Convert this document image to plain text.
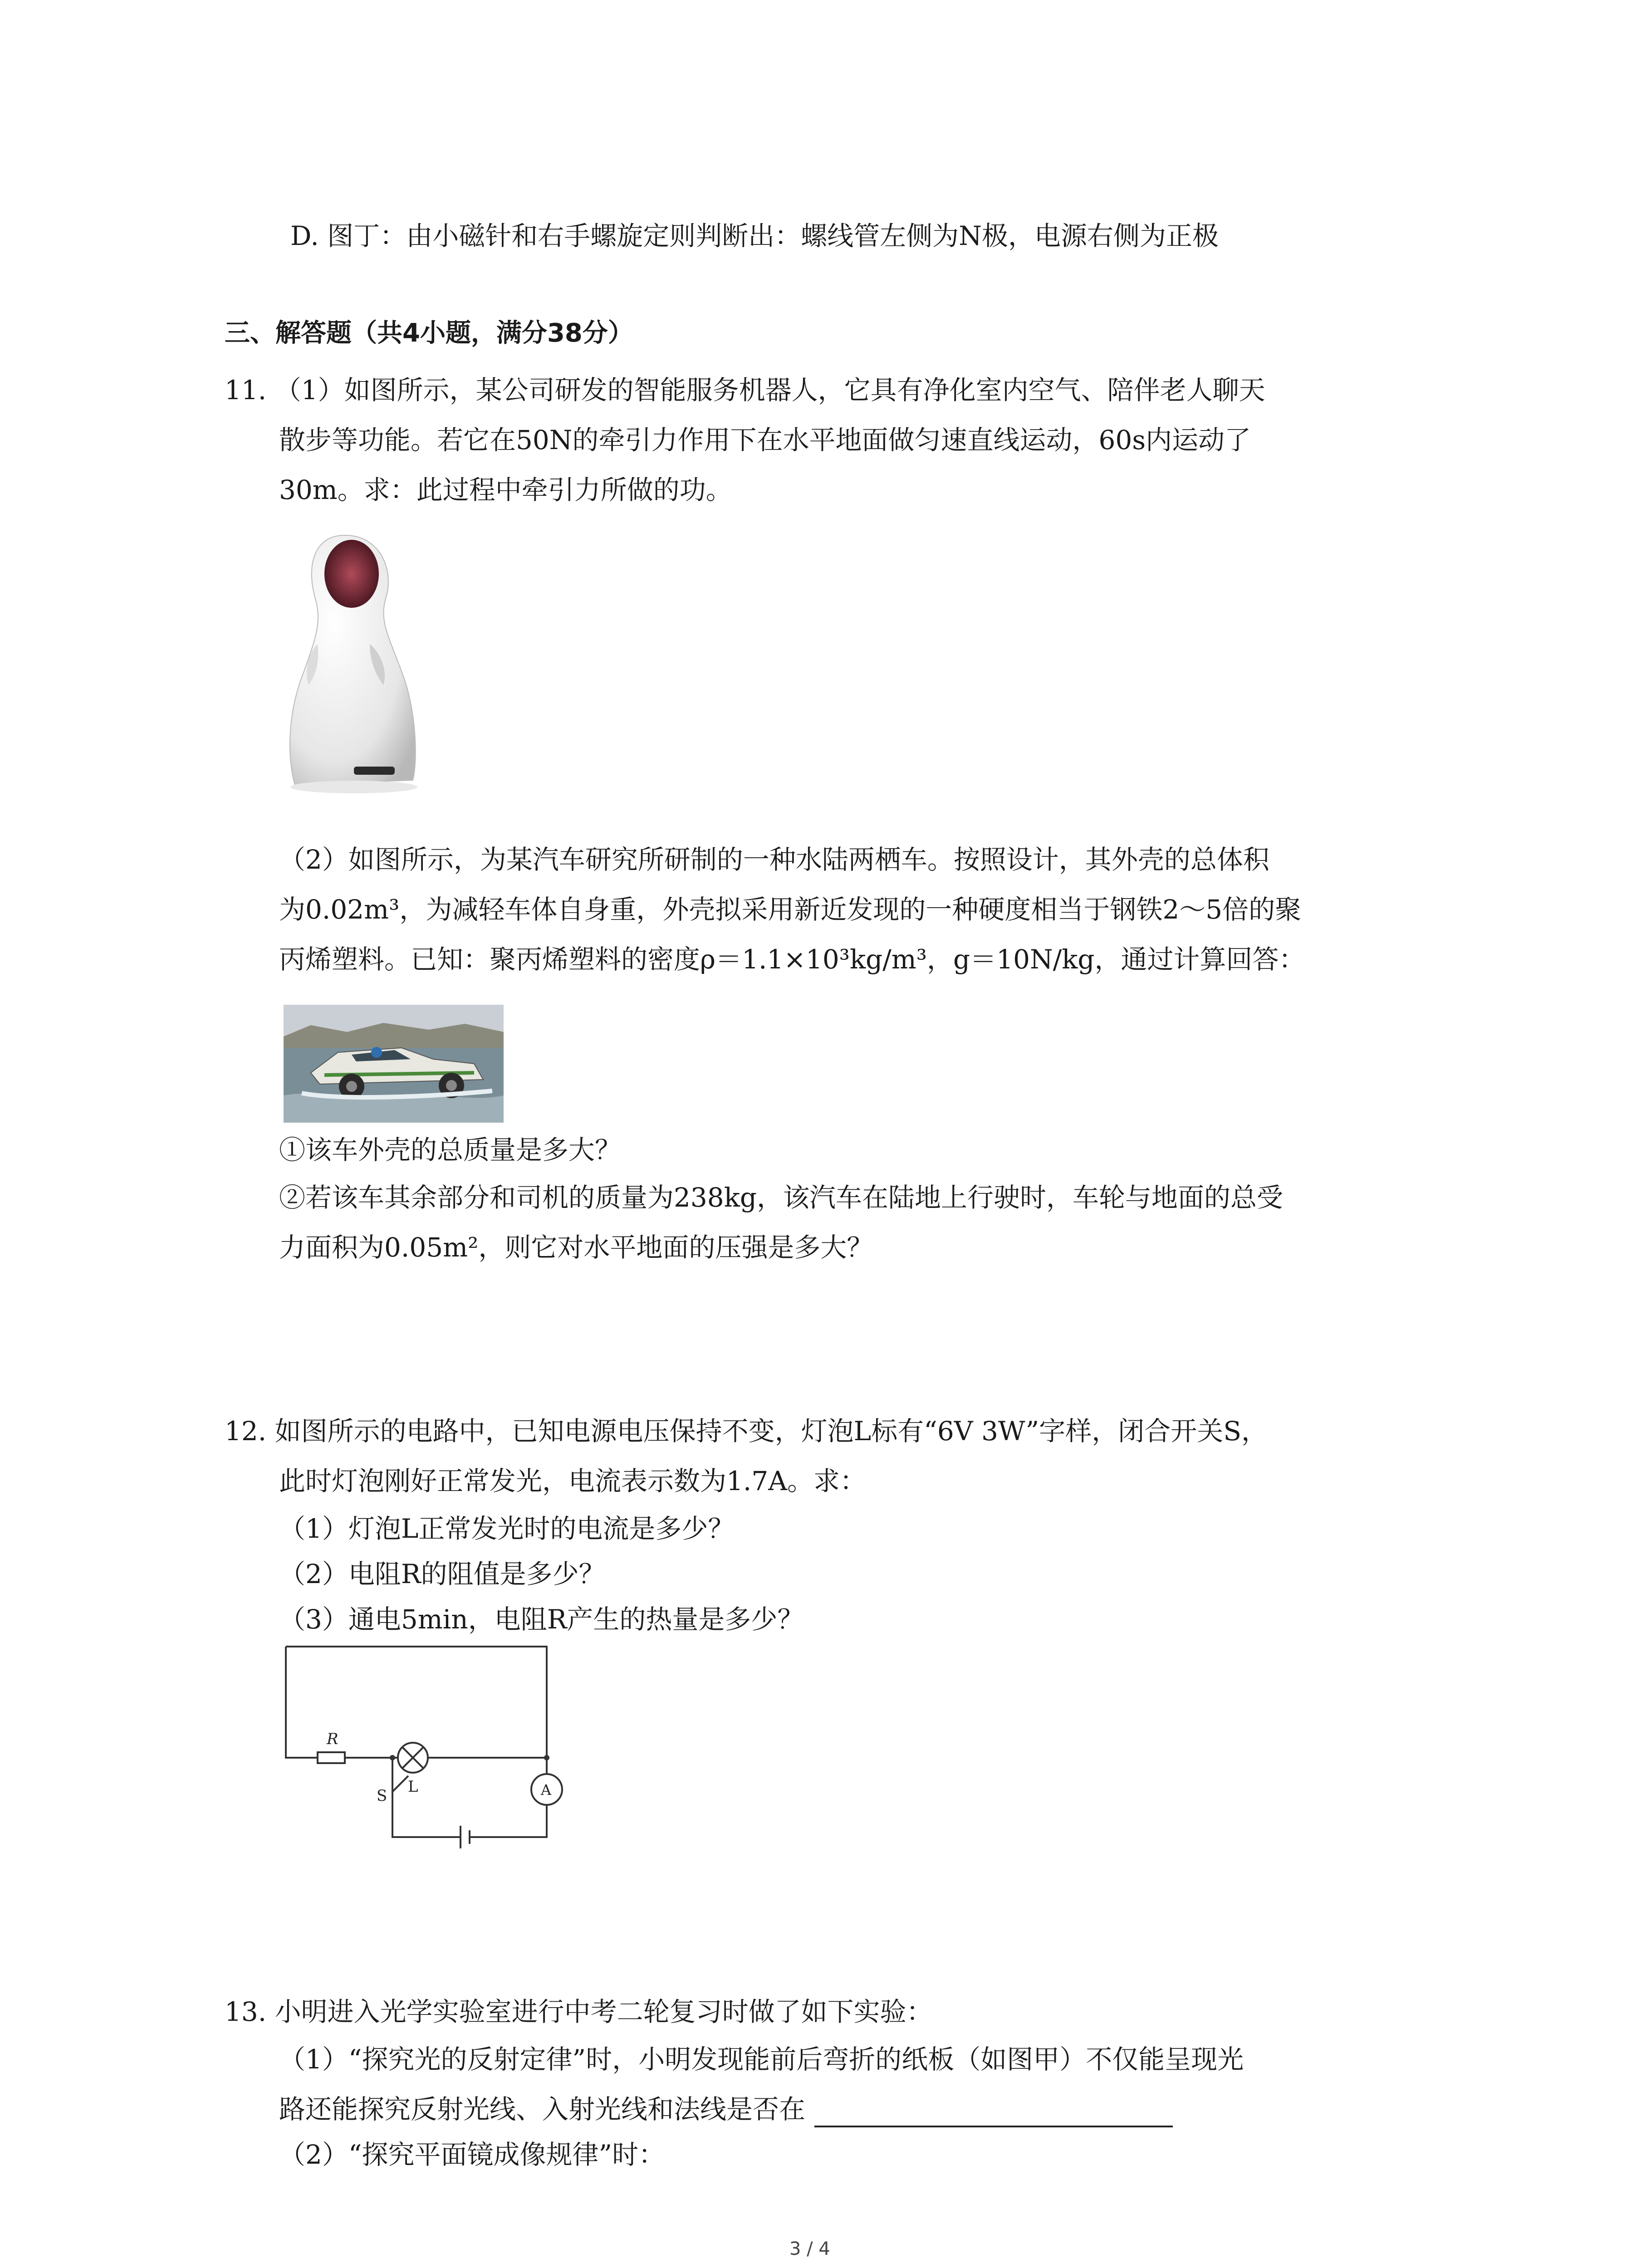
D. 图丁：由小磁针和右手螺旋定则判断出：螺线管左侧为N极，电源右侧为正极
三、解答题（共4小题，满分38分）
11. （1）如图所示，某公司研发的智能服务机器人，它具有净化室内空气、陪伴老人聊天
散步等功能。若它在50N的牵引力作用下在水平地面做匀速直线运动，60s内运动了
30m。求：此过程中牵引力所做的功。
（2）如图所示，为某汽车研究所研制的一种水陆两栖车。按照设计，其外壳的总体积
为0.02m³，为减轻车体自身重，外壳拟采用新近发现的一种硬度相当于钢铁2～5倍的聚
丙烯塑料。已知：聚丙烯塑料的密度ρ＝1.1×10³kg/m³，g＝10N/kg，通过计算回答：
①该车外壳的总质量是多大？
②若该车其余部分和司机的质量为238kg，该汽车在陆地上行驶时，车轮与地面的总受
力面积为0.05m²，则它对水平地面的压强是多大？
12. 如图所示的电路中，已知电源电压保持不变，灯泡L标有“6V 3W”字样，闭合开关S，
此时灯泡刚好正常发光，电流表示数为1.7A。求：
（1）灯泡L正常发光时的电流是多少？
（2）电阻R的阻值是多少？
（3）通电5min，电阻R产生的热量是多少？
R
L
S	A
13. 小明进入光学实验室进行中考二轮复习时做了如下实验：
（1）“探究光的反射定律”时，小明发现能前后弯折的纸板（如图甲）不仅能呈现光
路还能探究反射光线、入射光线和法线是否在
（2）“探究平面镜成像规律”时：
3 / 4
